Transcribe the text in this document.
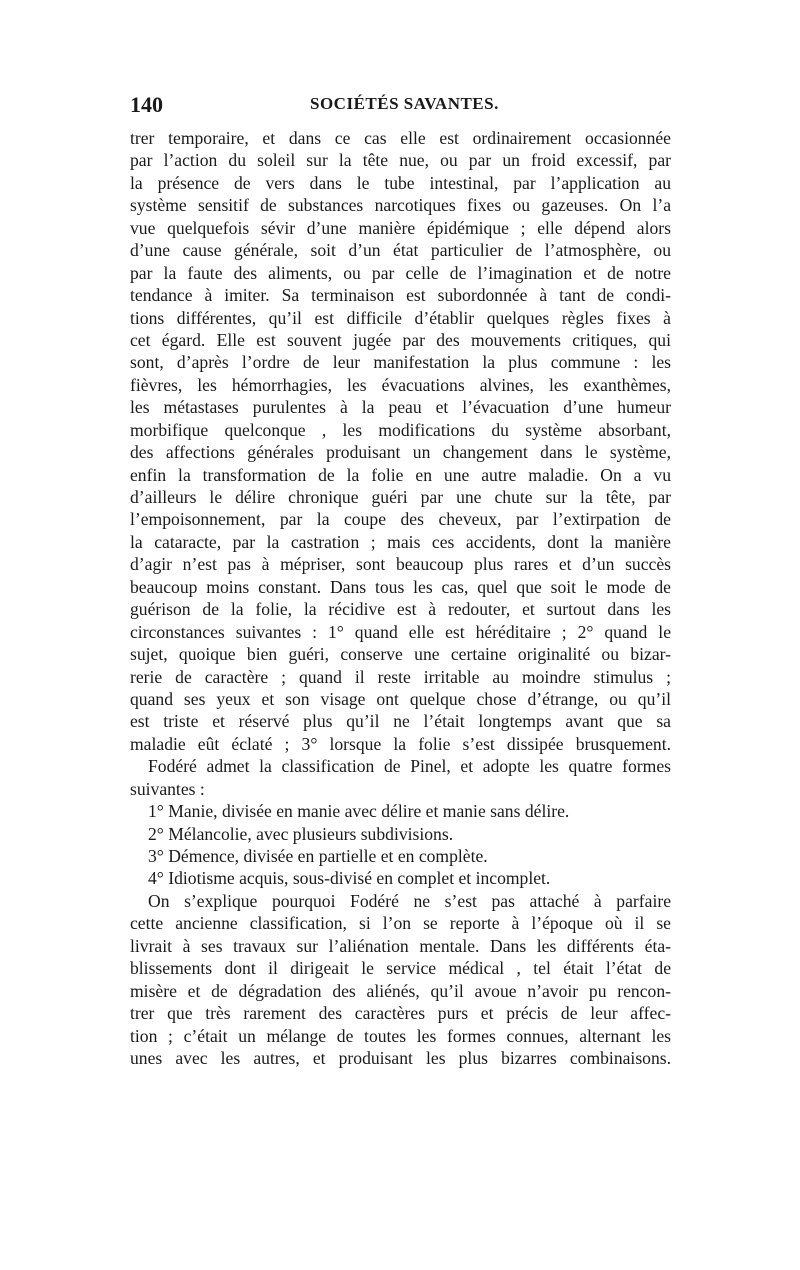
140	SOCIÉTÉS SAVANTES.
trer temporaire, et dans ce cas elle est ordinairement occasionnée
par l’action du soleil sur la tête nue, ou par un froid excessif, par
la présence de vers dans le tube intestinal, par l’application au
système sensitif de substances narcotiques fixes ou gazeuses. On l’a
vue quelquefois sévir d’une manière épidémique ; elle dépend alors
d’une cause générale, soit d’un état particulier de l’atmosphère, ou
par la faute des aliments, ou par celle de l’imagination et de notre
tendance à imiter. Sa terminaison est subordonnée à tant de condi-
tions différentes, qu’il est difficile d’établir quelques règles fixes à
cet égard. Elle est souvent jugée par des mouvements critiques, qui
sont, d’après l’ordre de leur manifestation la plus commune : les
fièvres, les hémorrhagies, les évacuations alvines, les exanthèmes,
les métastases purulentes à la peau et l’évacuation d’une humeur
morbifique quelconque , les modifications du système absorbant,
des affections générales produisant un changement dans le système,
enfin la transformation de la folie en une autre maladie. On a vu
d’ailleurs le délire chronique guéri par une chute sur la tête, par
l’empoisonnement, par la coupe des cheveux, par l’extirpation de
la cataracte, par la castration ; mais ces accidents, dont la manière
d’agir n’est pas à mépriser, sont beaucoup plus rares et d’un succès
beaucoup moins constant. Dans tous les cas, quel que soit le mode de
guérison de la folie, la récidive est à redouter, et surtout dans les
circonstances suivantes : 1° quand elle est héréditaire ; 2° quand le
sujet, quoique bien guéri, conserve une certaine originalité ou bizar-
rerie de caractère ; quand il reste irritable au moindre stimulus ;
quand ses yeux et son visage ont quelque chose d’étrange, ou qu’il
est triste et réservé plus qu’il ne l’était longtemps avant que sa
maladie eût éclaté ; 3° lorsque la folie s’est dissipée brusquement.
Fodéré admet la classification de Pinel, et adopte les quatre formes
suivantes :
1° Manie, divisée en manie avec délire et manie sans délire.
2° Mélancolie, avec plusieurs subdivisions.
3° Démence, divisée en partielle et en complète.
4° Idiotisme acquis, sous-divisé en complet et incomplet.
On s’explique pourquoi Fodéré ne s’est pas attaché à parfaire
cette ancienne classification, si l’on se reporte à l’époque où il se
livrait à ses travaux sur l’aliénation mentale. Dans les différents éta-
blissements dont il dirigeait le service médical , tel était l’état de
misère et de dégradation des aliénés, qu’il avoue n’avoir pu rencon-
trer que très rarement des caractères purs et précis de leur affec-
tion ; c’était un mélange de toutes les formes connues, alternant les
unes avec les autres, et produisant les plus bizarres combinaisons.
